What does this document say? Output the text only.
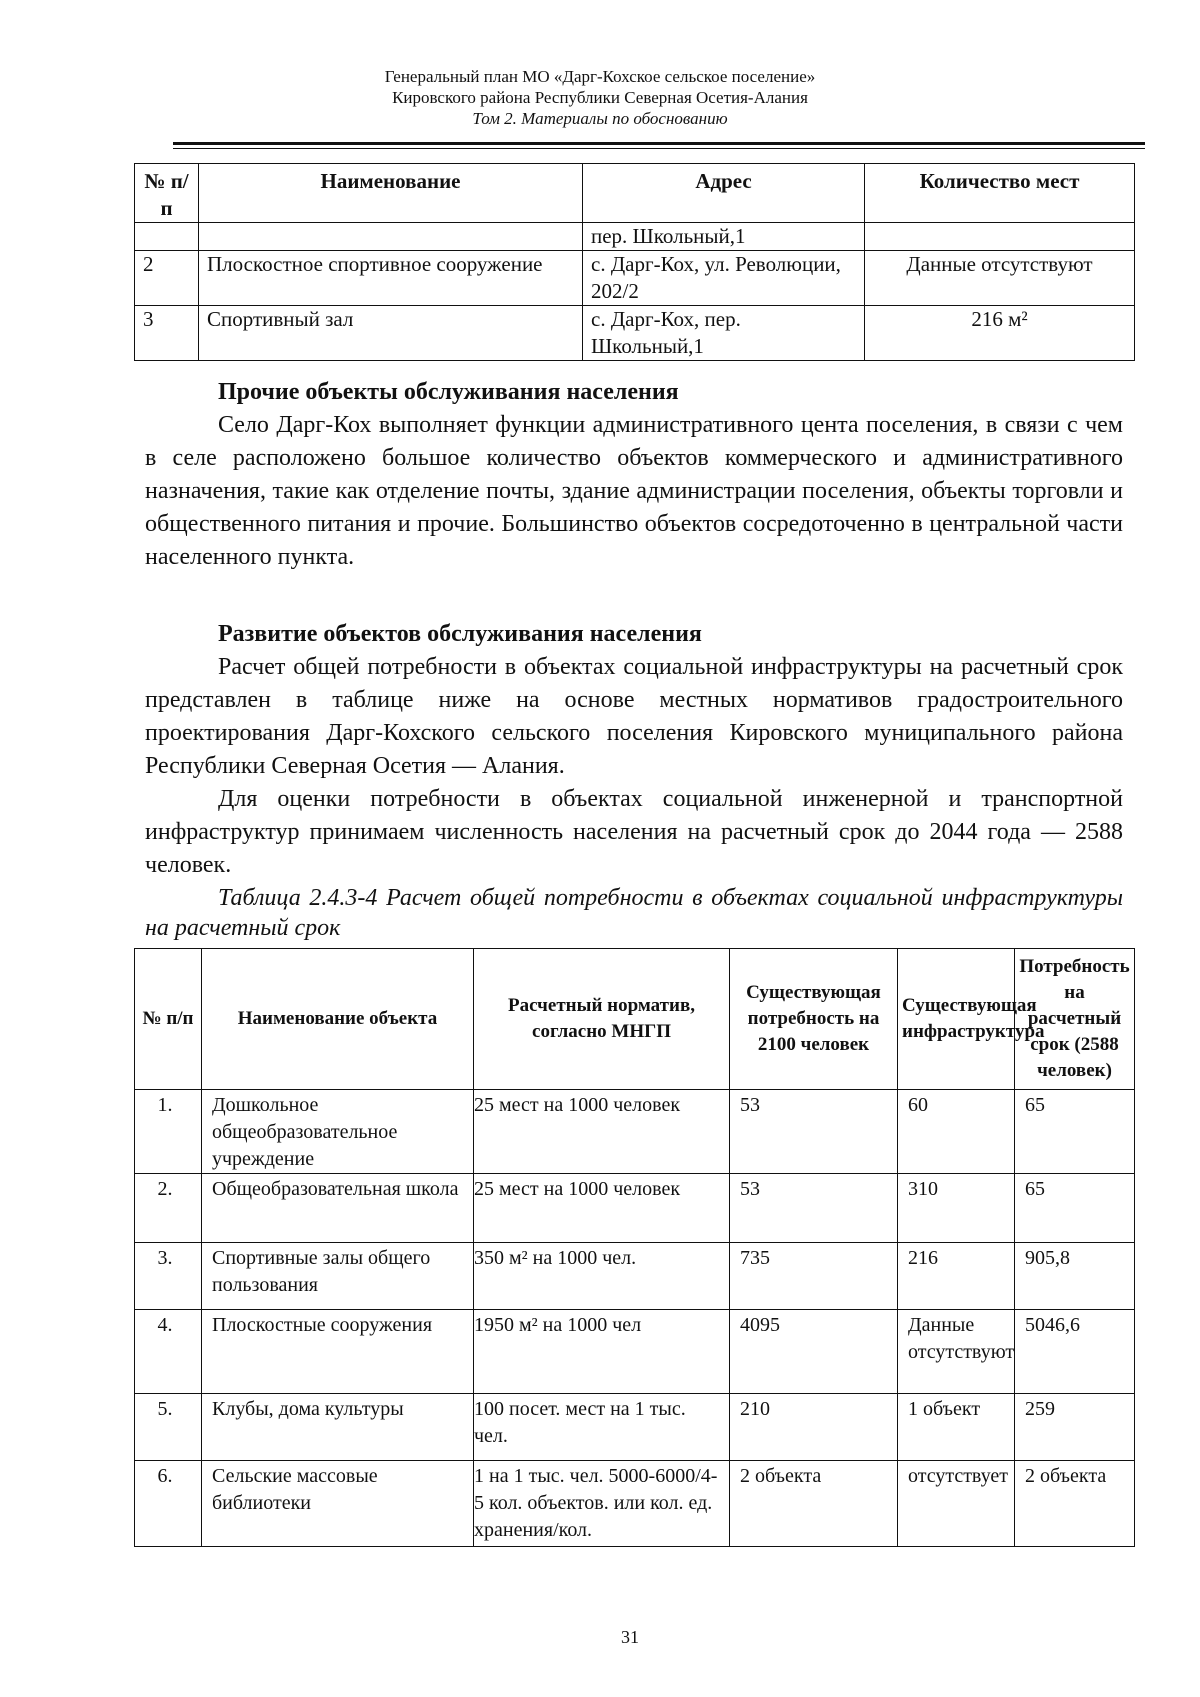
Генеральный план МО «Дарг-Кохское сельское поселение»
Кировского района Республики Северная Осетия-Алания
Том 2. Материалы по обоснованию
№ п/п	Наименование	Адрес	Количество мест
		пер. Школьный,1	
2	Плоскостное спортивное сооружение	с. Дарг-Кох, ул. Революции, 202/2	Данные отсутствуют
3	Спортивный зал	с. Дарг-Кох, пер. Школьный,1	216 м²
Прочие объекты обслуживания населения
Село Дарг-Кох выполняет функции административного цента поселения, в связи с чем в селе расположено большое количество объектов коммерческого и административного назначения, такие как отделение почты, здание администрации поселения, объекты торговли и общественного питания и прочие. Большинство объектов сосредоточенно в центральной части населенного пункта.
Развитие объектов обслуживания населения
Расчет общей потребности в объектах социальной инфраструктуры на расчетный срок представлен в таблице ниже на основе местных нормативов градостроительного проектирования Дарг-Кохского сельского поселения Кировского муниципального района Республики Северная Осетия — Алания.
Для оценки потребности в объектах социальной инженерной и транспортной инфраструктур принимаем численность населения на расчетный срок до 2044 года — 2588 человек.
Таблица 2.4.3-4 Расчет общей потребности в объектах социальной инфраструктуры на расчетный срок
№ п/п	Наименование объекта	Расчетный норматив, согласно МНГП	Существующая потребность на 2100 человек	Существующая инфраструктура	Потребность на расчетный срок (2588 человек)
1.	Дошкольное общеобразовательное учреждение	25 мест на 1000 человек	53	60	65
2.	Общеобразовательная школа	25 мест на 1000 человек	53	310	65
3.	Спортивные залы общего пользования	350 м² на 1000 чел.	735	216	905,8
4.	Плоскостные сооружения	1950 м² на 1000 чел	4095	Данные отсутствуют	5046,6
5.	Клубы, дома культуры	100 посет. мест на 1 тыс. чел.	210	1 объект	259
6.	Сельские массовые библиотеки	1 на 1 тыс. чел. 5000-6000/4-5 кол. объектов. или кол. ед. хранения/кол.	2 объекта	отсутствует	2 объекта
31
